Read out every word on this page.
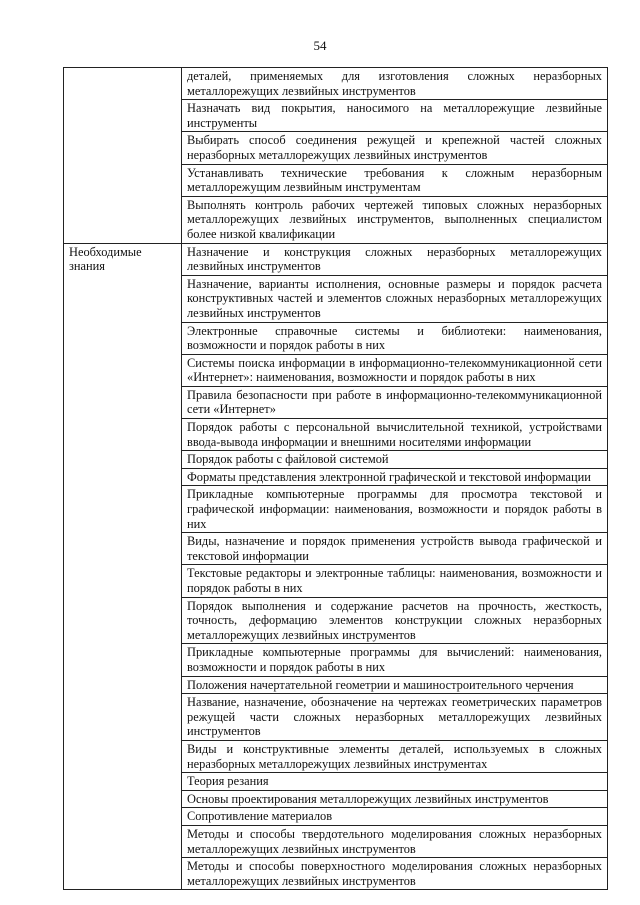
54
	деталей, применяемых для изготовления сложных неразборных металлорежущих лезвийных инструментов
	Назначать вид покрытия, наносимого на металлорежущие лезвийные инструменты
	Выбирать способ соединения режущей и крепежной частей сложных неразборных металлорежущих лезвийных инструментов
	Устанавливать технические требования к сложным неразборным металлорежущим лезвийным инструментам
	Выполнять контроль рабочих чертежей типовых сложных неразборных металлорежущих лезвийных инструментов, выполненных специалистом более низкой квалификации
Необходимые знания	Назначение и конструкция сложных неразборных металлорежущих лезвийных инструментов
	Назначение, варианты исполнения, основные размеры и порядок расчета конструктивных частей и элементов сложных неразборных металлорежущих лезвийных инструментов
	Электронные справочные системы и библиотеки: наименования, возможности и порядок работы в них
	Системы поиска информации в информационно-телекоммуникационной сети «Интернет»: наименования, возможности и порядок работы в них
	Правила безопасности при работе в информационно-телекоммуникационной сети «Интернет»
	Порядок работы с персональной вычислительной техникой, устройствами ввода-вывода информации и внешними носителями информации
	Порядок работы с файловой системой
	Форматы представления электронной графической и текстовой информации
	Прикладные компьютерные программы для просмотра текстовой и графической информации: наименования, возможности и порядок работы в них
	Виды, назначение и порядок применения устройств вывода графической и текстовой информации
	Текстовые редакторы и электронные таблицы: наименования, возможности и порядок работы в них
	Порядок выполнения и содержание расчетов на прочность, жесткость, точность, деформацию элементов конструкции сложных неразборных металлорежущих лезвийных инструментов
	Прикладные компьютерные программы для вычислений: наименования, возможности и порядок работы в них
	Положения начертательной геометрии и машиностроительного черчения
	Название, назначение, обозначение на чертежах геометрических параметров режущей части сложных неразборных металлорежущих лезвийных инструментов
	Виды и конструктивные элементы деталей, используемых в сложных неразборных металлорежущих лезвийных инструментах
	Теория резания
	Основы проектирования металлорежущих лезвийных инструментов
	Сопротивление материалов
	Методы и способы твердотельного моделирования сложных неразборных металлорежущих лезвийных инструментов
	Методы и способы поверхностного моделирования сложных неразборных металлорежущих лезвийных инструментов
